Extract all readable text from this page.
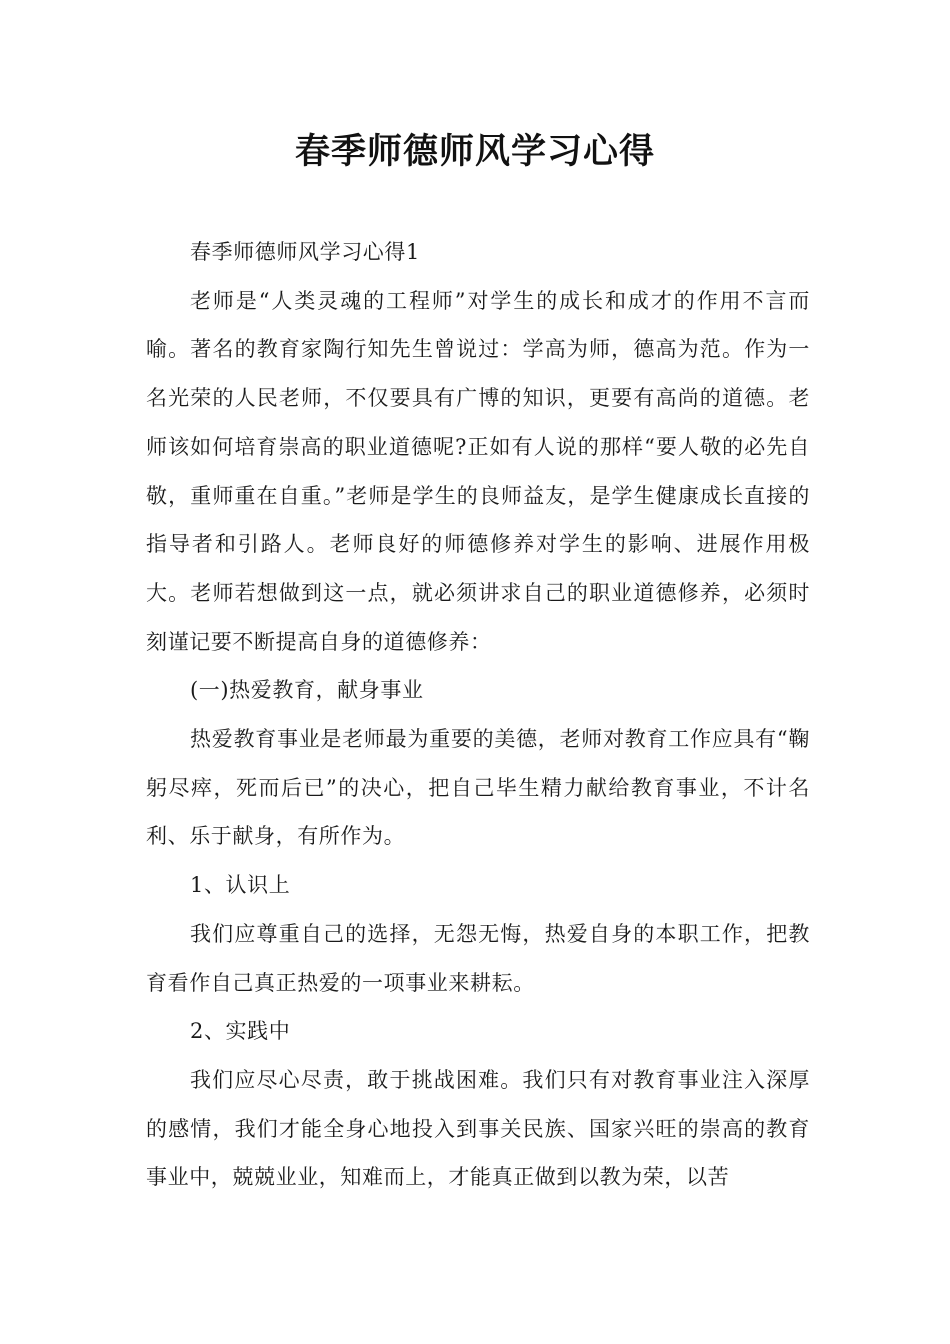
春季师德师风学习心得

春季师德师风学习心得1

老师是“人类灵魂的工程师”对学生的成长和成才的作用不言而喻。著名的教育家陶行知先生曾说过：学高为师，德高为范。作为一名光荣的人民老师，不仅要具有广博的知识，更要有高尚的道德。老师该如何培育崇高的职业道德呢?正如有人说的那样“要人敬的必先自敬，重师重在自重。”老师是学生的良师益友，是学生健康成长直接的指导者和引路人。老师良好的师德修养对学生的影响、进展作用极大。老师若想做到这一点，就必须讲求自己的职业道德修养，必须时刻谨记要不断提高自身的道德修养：

(一)热爱教育，献身事业

热爱教育事业是老师最为重要的美德，老师对教育工作应具有“鞠躬尽瘁，死而后已”的决心，把自己毕生精力献给教育事业，不计名利、乐于献身，有所作为。

1、认识上

我们应尊重自己的选择，无怨无悔，热爱自身的本职工作，把教育看作自己真正热爱的一项事业来耕耘。

2、实践中

我们应尽心尽责，敢于挑战困难。我们只有对教育事业注入深厚的感情，我们才能全身心地投入到事关民族、国家兴旺的崇高的教育事业中，兢兢业业，知难而上，才能真正做到以教为荣，以苦
